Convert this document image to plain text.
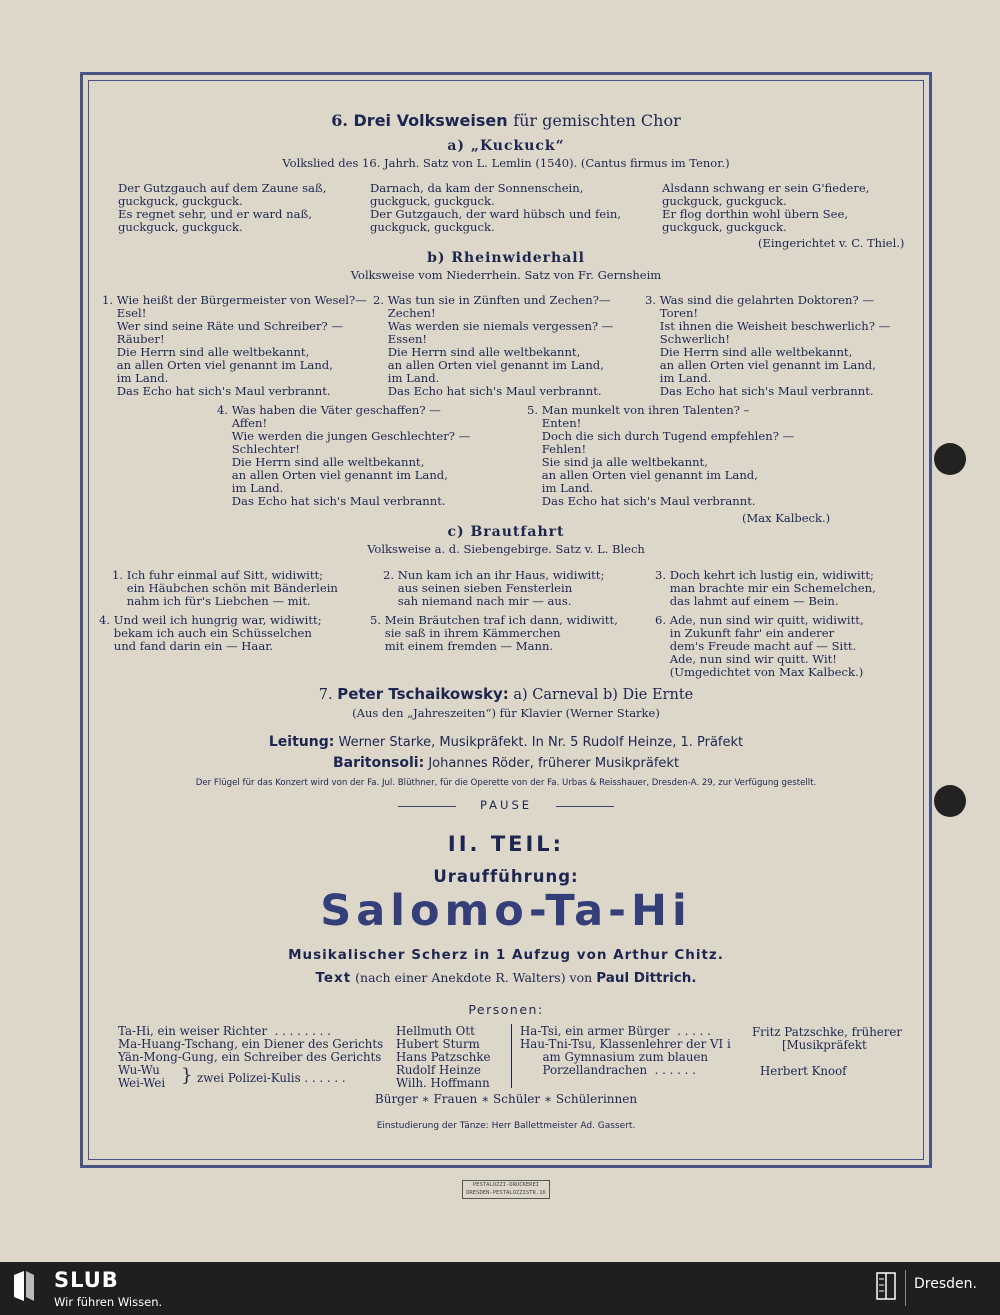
6. Drei Volksweisen für gemischten Chor
a) „Kuckuck“
Volkslied des 16. Jahrh. Satz von L. Lemlin (1540). (Cantus firmus im Tenor.)
Der Gutzgauch auf dem Zaune saß,
guckguck, guckguck.
Es regnet sehr, und er ward naß,
guckguck, guckguck.
Darnach, da kam der Sonnenschein,
guckguck, guckguck.
Der Gutzgauch, der ward hübsch und fein,
guckguck, guckguck.
Alsdann schwang er sein G'fiedere,
guckguck, guckguck.
Er flog dorthin wohl übern See,
guckguck, guckguck.
(Eingerichtet v. C. Thiel.)
b) Rheinwiderhall
Volksweise vom Niederrhein. Satz von Fr. Gernsheim
1. Wie heißt der Bürgermeister von Wesel?—
Esel!
Wer sind seine Räte und Schreiber? —
Räuber!
Die Herrn sind alle weltbekannt,
an allen Orten viel genannt im Land,
im Land.
Das Echo hat sich's Maul verbrannt.
2. Was tun sie in Zünften und Zechen?—
Zechen!
Was werden sie niemals vergessen? —
Essen!
Die Herrn sind alle weltbekannt,
an allen Orten viel genannt im Land,
im Land.
Das Echo hat sich's Maul verbrannt.
3. Was sind die gelahrten Doktoren? —
Toren!
Ist ihnen die Weisheit beschwerlich? —
Schwerlich!
Die Herrn sind alle weltbekannt,
an allen Orten viel genannt im Land,
im Land.
Das Echo hat sich's Maul verbrannt.
4. Was haben die Väter geschaffen? —
Affen!
Wie werden die jungen Geschlechter? —
Schlechter!
Die Herrn sind alle weltbekannt,
an allen Orten viel genannt im Land,
im Land.
Das Echo hat sich's Maul verbrannt.
5. Man munkelt von ihren Talenten? –
Enten!
Doch die sich durch Tugend empfehlen? —
Fehlen!
Sie sind ja alle weltbekannt,
an allen Orten viel genannt im Land,
im Land.
Das Echo hat sich's Maul verbrannt.
(Max Kalbeck.)
c) Brautfahrt
Volksweise a. d. Siebengebirge. Satz v. L. Blech
1. Ich fuhr einmal auf Sitt, widiwitt;
ein Häubchen schön mit Bänderlein
nahm ich für's Liebchen — mit.
2. Nun kam ich an ihr Haus, widiwitt;
aus seinen sieben Fensterlein
sah niemand nach mir — aus.
3. Doch kehrt ich lustig ein, widiwitt;
man brachte mir ein Schemelchen,
das lahmt auf einem — Bein.
4. Und weil ich hungrig war, widiwitt;
bekam ich auch ein Schüsselchen
und fand darin ein — Haar.
5. Mein Bräutchen traf ich dann, widiwitt,
sie saß in ihrem Kämmerchen
mit einem fremden — Mann.
6. Ade, nun sind wir quitt, widiwitt,
in Zukunft fahr' ein anderer
dem's Freude macht auf — Sitt.
Ade, nun sind wir quitt. Wit!
(Umgedichtet von Max Kalbeck.)
7. Peter Tschaikowsky: a) Carneval b) Die Ernte
(Aus den „Jahreszeiten“) für Klavier (Werner Starke)
Leitung: Werner Starke, Musikpräfekt. In Nr. 5 Rudolf Heinze, 1. Präfekt
Baritonsoli: Johannes Röder, früherer Musikpräfekt
Der Flügel für das Konzert wird von der Fa. Jul. Blüthner, für die Operette von der Fa. Urbas & Reisshauer, Dresden-A. 29, zur Verfügung gestellt.
PAUSE
II. TEIL:
Uraufführung:
Salomo-Ta-Hi
Musikalischer Scherz in 1 Aufzug von Arthur Chitz.
Text (nach einer Anekdote R. Walters) von Paul Dittrich.
Personen:
Ta-Hi, ein weiser Richter  . . . . . . . .
Ma-Huang-Tschang, ein Diener des Gerichts
Yän-Mong-Gung, ein Schreiber des Gerichts
Wu-Wu
Wei-Wei } zwei Polizei-Kulis . . . . . .
Hellmuth Ott
Hubert Sturm
Hans Patzschke
Rudolf Heinze
Wilh. Hoffmann
Ha-Tsi, ein armer Bürger  . . . . .
Hau-Tni-Tsu, Klassenlehrer der VI i
am Gymnasium zum blauen
Porzellandrachen  . . . . . .
Fritz Patzschke, früherer
[Musikpräfekt
Herbert Knoof
Bürger ∗ Frauen ∗ Schüler ∗ Schülerinnen
Einstudierung der Tänze: Herr Ballettmeister Ad. Gassert.
PESTALOZZI-DRUCKEREI
DRESDEN-PESTALOZZISTR.16
SLUB
Wir führen Wissen.
Dresden.
